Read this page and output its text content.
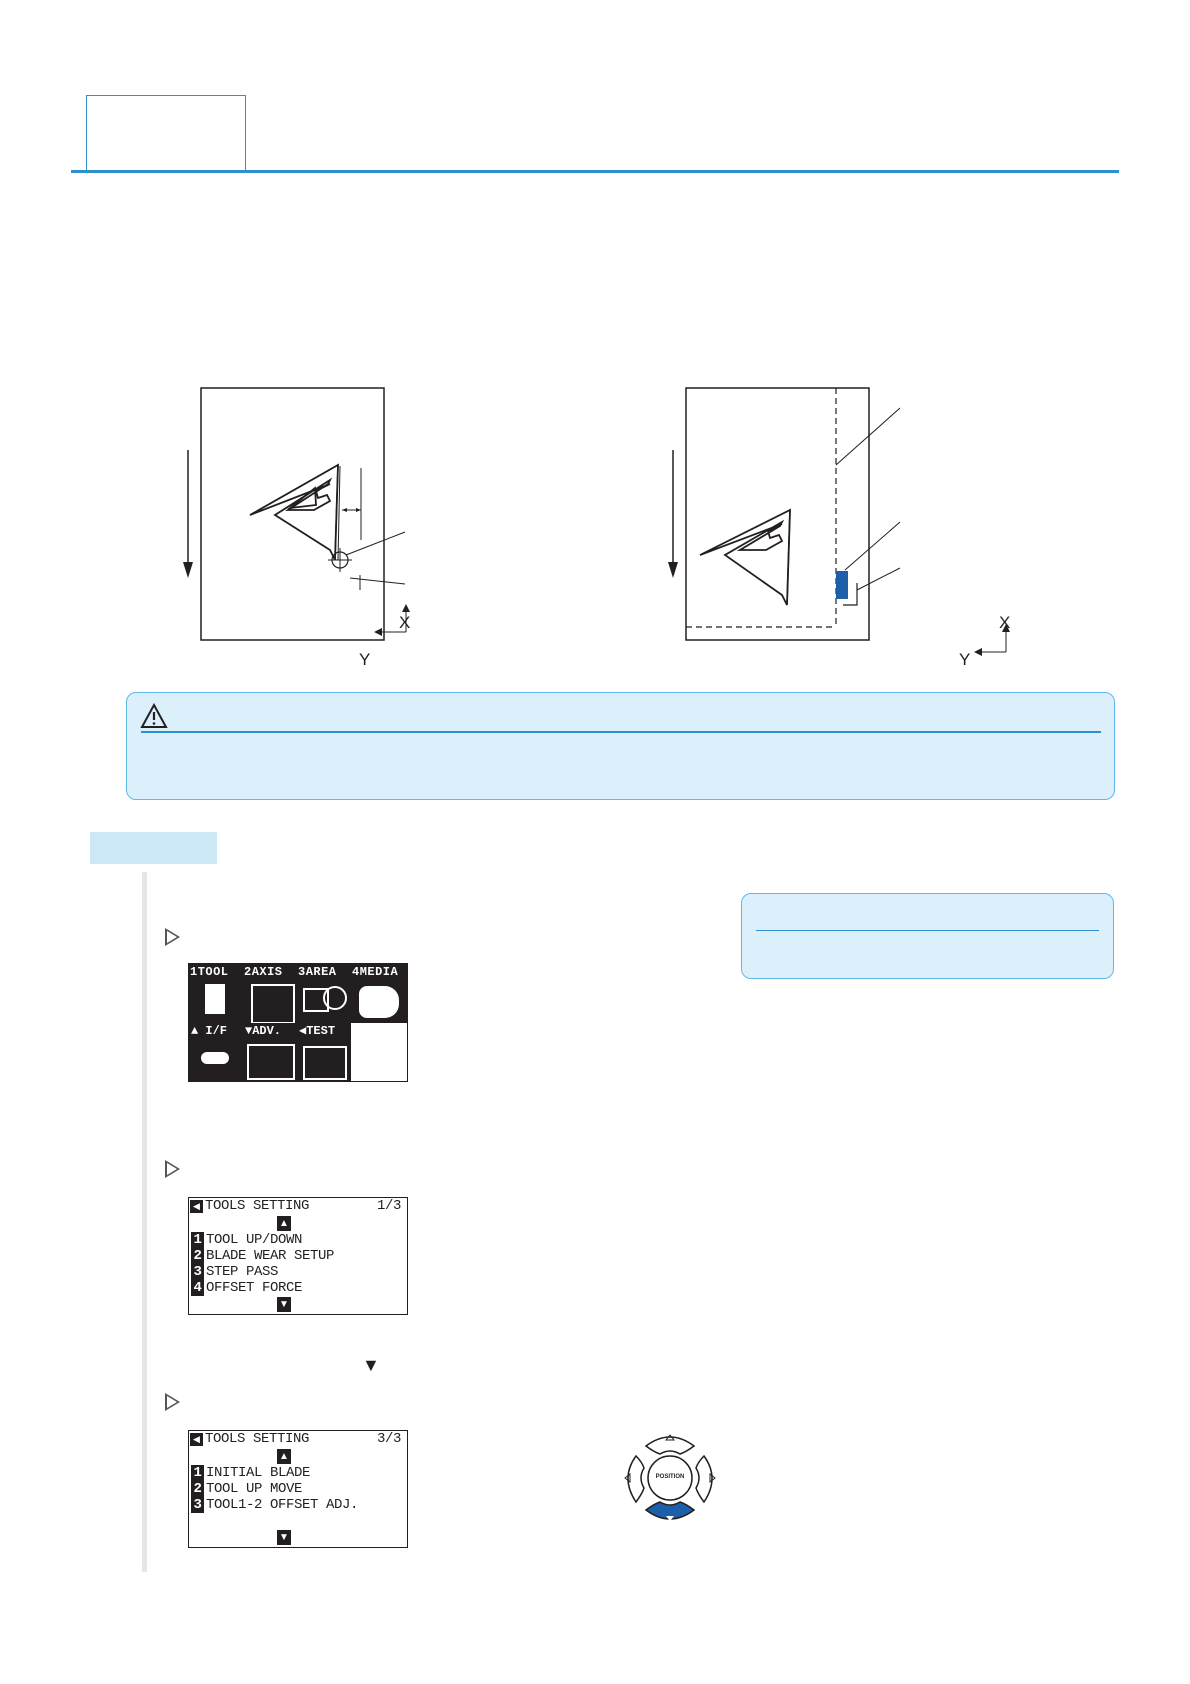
X
Y
X
Y
1TOOL 2AXIS 3AREA 4MEDIA
▲ I/F ▼ADV. ◀TEST
◀ TOOLS SETTING	1/3
▲
1 TOOL UP/DOWN
2 BLADE WEAR SETUP
3 STEP PASS
4 OFFSET FORCE
▼
▼
◀ TOOLS SETTING	3/3
▲
1 INITIAL BLADE
2 TOOL UP MOVE
3 TOOL1-2 OFFSET ADJ.
▼
POSITION
